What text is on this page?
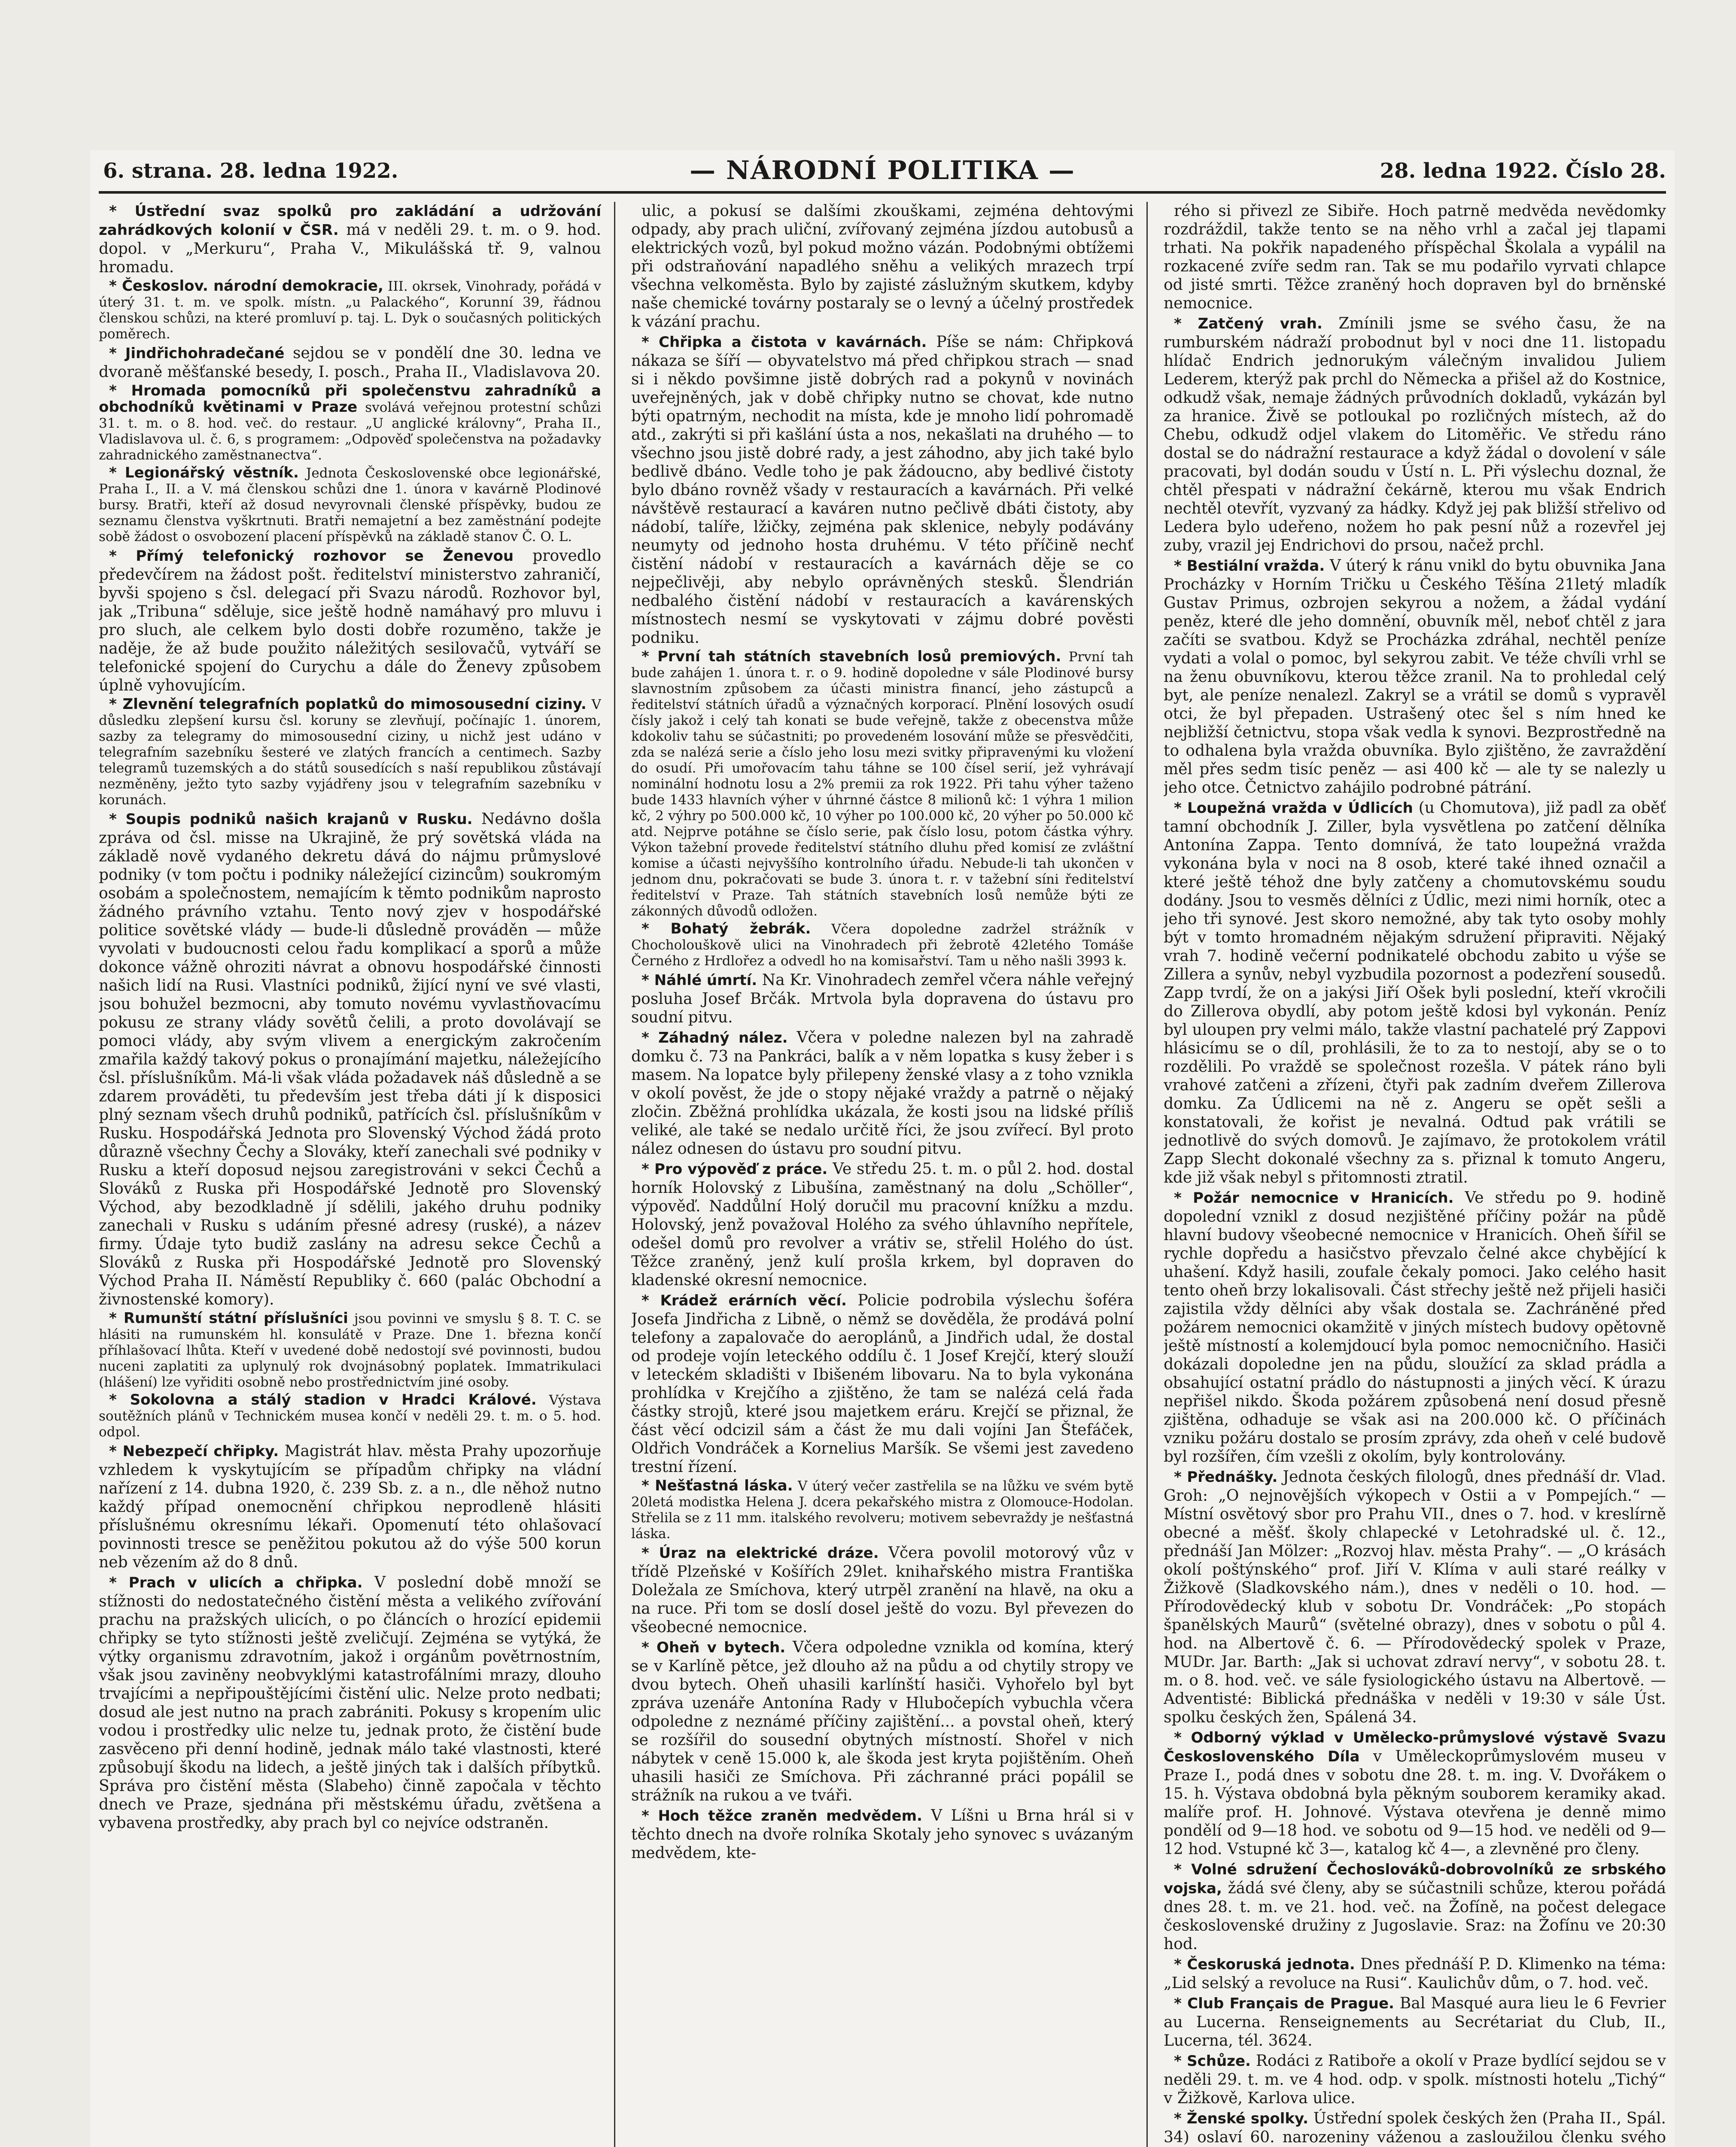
6. strana. 28. ledna 1922.	— NÁRODNÍ POLITIKA —	28. ledna 1922. Číslo 28.

* Ústřední svaz spolků pro zakládání a udržování zahrádkových kolonií v ČSR. má v neděli 29. t. m. o 9. hod. dopol. v „Merkuru“, Praha V., Mikulášská tř. 9, valnou hromadu.

* Českoslov. národní demokracie, III. okrsek, Vinohrady, pořádá v úterý 31. t. m. ve spolk. místn. „u Palackého“, Korunní 39, řádnou členskou schůzi, na které promluví p. taj. L. Dyk o současných politických poměrech.

* Jindřichohradečané sejdou se v pondělí dne 30. ledna ve dvoraně měšťanské besedy, I. posch., Praha II., Vladislavova 20.

* Hromada pomocníků při společenstvu zahradníků a obchodníků květinami v Praze svolává veřejnou protestní schůzi 31. t. m. o 8. hod. več. do restaur. „U anglické královny“, Praha II., Vladislavova ul. č. 6, s programem: „Odpověď společenstva na požadavky zahradnického zaměstnanectva“.

* Legionářský věstník. Jednota Československé obce legionářské, Praha I., II. a V. má členskou schůzi dne 1. února v kavárně Plodinové bursy. Bratři, kteří až dosud nevyrovnali členské příspěvky, budou ze seznamu členstva vyškrtnuti. Bratři nemajetní a bez zaměstnání podejte sobě žádost o osvobození placení příspěvků na základě stanov Č. O. L.

* Přímý telefonický rozhovor se Ženevou provedlo předevčírem na žádost pošt. ředitelství ministerstvo zahraničí, byvši spojeno s čsl. delegací při Svazu národů. Rozhovor byl, jak „Tribuna“ sděluje, sice ještě hodně namáhavý pro mluvu i pro sluch, ale celkem bylo dosti dobře rozuměno, takže je naděje, že až bude použito náležitých sesilovačů, vytváří se telefonické spojení do Curychu a dále do Ženevy způsobem úplně vyhovujícím.

* Zlevnění telegrafních poplatků do mimosousední ciziny. V důsledku zlepšení kursu čsl. koruny se zlevňují, počínajíc 1. únorem, sazby za telegramy do mimosousední ciziny, u nichž jest udáno v telegrafním sazebníku šesteré ve zlatých francích a centimech. Sazby telegramů tuzemských a do států sousedících s naší republikou zůstávají nezměněny, ježto tyto sazby vyjádřeny jsou v telegrafním sazebníku v korunách.

* Soupis podniků našich krajanů v Rusku. Nedávno došla zpráva od čsl. misse na Ukrajině, že prý sovětská vláda na základě nově vydaného dekretu dává do nájmu průmyslové podniky (v tom počtu i podniky náležející cizincům) soukromým osobám a společnostem, nemajícím k těmto podnikům naprosto žádného právního vztahu. Tento nový zjev v hospodářské politice sovětské vlády — bude-li důsledně prováděn — může vyvolati v budoucnosti celou řadu komplikací a sporů a může dokonce vážně ohroziti návrat a obnovu hospodářské činnosti našich lidí na Rusi. Vlastníci podniků, žijící nyní ve své vlasti, jsou bohužel bezmocni, aby tomuto novému vyvlastňovacímu pokusu ze strany vlády sovětů čelili, a proto dovolávají se pomoci vlády, aby svým vlivem a energickým zakročením zmařila každý takový pokus o pronajímání majetku, náležejícího čsl. příslušníkům. Má-li však vláda požadavek náš důsledně a se zdarem prováděti, tu především jest třeba dáti jí k disposici plný seznam všech druhů podniků, patřících čsl. příslušníkům v Rusku. Hospodářská Jednota pro Slovenský Východ žádá proto důrazně všechny Čechy a Slováky, kteří zanechali své podniky v Rusku a kteří doposud nejsou zaregistrováni v sekci Čechů a Slováků z Ruska při Hospodářské Jednotě pro Slovenský Východ, aby bezodkladně jí sdělili, jakého druhu podniky zanechali v Rusku s udáním přesné adresy (ruské), a název firmy. Údaje tyto budiž zaslány na adresu sekce Čechů a Slováků z Ruska při Hospodářské Jednotě pro Slovenský Východ Praha II. Náměstí Republiky č. 660 (palác Obchodní a živnostenské komory).

* Rumunští státní příslušníci jsou povinni ve smyslu § 8. T. C. se hlásiti na rumunském hl. konsulátě v Praze. Dne 1. března končí příhlašovací lhůta. Kteří v uvedené době nedostojí své povinnosti, budou nuceni zaplatiti za uplynulý rok dvojnásobný poplatek. Immatrikulaci (hlášení) lze vyřiditi osobně nebo prostřednictvím jiné osoby.

* Sokolovna a stálý stadion v Hradci Králové. Výstava soutěžních plánů v Technickém musea končí v neděli 29. t. m. o 5. hod. odpol.

* Nebezpečí chřipky. Magistrát hlav. města Prahy upozorňuje vzhledem k vyskytujícím se případům chřipky na vládní nařízení z 14. dubna 1920, č. 239 Sb. z. a n., dle něhož nutno každý případ onemocnění chřipkou neprodleně hlásiti příslušnému okresnímu lékaři. Opomenutí této ohlašovací povinnosti tresce se peněžitou pokutou až do výše 500 korun neb vězením až do 8 dnů.

* Prach v ulicích a chřipka. V poslední době množí se stížnosti do nedostatečného čistění města a velikého zvířování prachu na pražských ulicích, o po článcích o hrozící epidemii chřipky se tyto stížnosti ještě zveličují. Zejména se vytýká, že výtky organismu zdravotním, jakož i orgánům povětrnostním, však jsou zaviněny neobvyklými katastrofálními mrazy, dlouho trvajícími a nepřipouštějícími čistění ulic. Nelze proto nedbati; dosud ale jest nutno na prach zabrániti. Pokusy s kropením ulic vodou i prostředky ulic nelze tu, jednak proto, že čistění bude zasvěceno při denní hodině, jednak málo také vlastnosti, které způsobují škodu na lidech, a ještě jiných tak i dalších příbytků. Správa pro čistění města (Slabeho) činně započala v těchto dnech ve Praze, sjednána při městskému úřadu, zvětšena a vybavena prostředky, aby prach byl co nejvíce odstraněn.

ulic, a pokusí se dalšími zkouškami, zejména dehtovými odpady, aby prach uliční, zvířovaný zejména jízdou autobusů a elektrických vozů, byl pokud možno vázán. Podobnými obtížemi při odstraňování napadlého sněhu a velikých mrazech trpí všechna velkoměsta. Bylo by zajisté záslužným skutkem, kdyby naše chemické továrny postaraly se o levný a účelný prostředek k vázání prachu.

* Chřipka a čistota v kavárnách. Píše se nám: Chřipková nákaza se šíří — obyvatelstvo má před chřipkou strach — snad si i někdo povšimne jistě dobrých rad a pokynů v novinách uveřejněných, jak v době chřipky nutno se chovat, kde nutno býti opatrným, nechodit na místa, kde je mnoho lidí pohromadě atd., zakrýti si při kašlání ústa a nos, nekašlati na druhého — to všechno jsou jistě dobré rady, a jest záhodno, aby jich také bylo bedlivě dbáno. Vedle toho je pak žádoucno, aby bedlivé čistoty bylo dbáno rovněž všady v restauracích a kavárnách. Při velké návštěvě restaurací a kaváren nutno pečlivě dbáti čistoty, aby nádobí, talíře, lžičky, zejména pak sklenice, nebyly podávány neumyty od jednoho hosta druhému. V této příčině nechť čistění nádobí v restauracích a kavárnách děje se co nejpečlivěji, aby nebylo oprávněných stesků. Šlendrián nedbalého čistění nádobí v restauracích a kavárenských místnostech nesmí se vyskytovati v zájmu dobré pověsti podniku.

* První tah státních stavebních losů premiových. První tah bude zahájen 1. února t. r. o 9. hodině dopoledne v sále Plodinové bursy slavnostním způsobem za účasti ministra financí, jeho zástupců a ředitelství státních úřadů a význačných korporací. Plnění losových osudí čísly jakož i celý tah konati se bude veřejně, takže z obecenstva může kdokoliv tahu se súčastniti; po provedeném losování může se přesvědčiti, zda se nalézá serie a číslo jeho losu mezi svitky připravenými ku vložení do osudí. Při umořovacím tahu táhne se 100 čísel serií, jež vyhrávají nominální hodnotu losu a 2% premii za rok 1922. Při tahu výher taženo bude 1433 hlavních výher v úhrnné částce 8 milionů kč: 1 výhra 1 milion kč, 2 výhry po 500.000 kč, 10 výher po 100.000 kč, 20 výher po 50.000 kč atd. Nejprve potáhne se číslo serie, pak číslo losu, potom částka výhry. Výkon tažební provede ředitelství státního dluhu před komisí ze zvláštní komise a účasti nejvyššího kontrolního úřadu. Nebude-li tah ukončen v jednom dnu, pokračovati se bude 3. února t. r. v tažební síni ředitelství ředitelství v Praze. Tah státních stavebních losů nemůže býti ze zákonných důvodů odložen.

* Bohatý žebrák. Včera dopoledne zadržel strážník v Chocholouškově ulici na Vinohradech při žebrotě 42letého Tomáše Černého z Hrdlořez a odvedl ho na komisařství. Tam u něho našli 3993 k.

* Náhlé úmrtí. Na Kr. Vinohradech zemřel včera náhle veřejný posluha Josef Brčák. Mrtvola byla dopravena do ústavu pro soudní pitvu.

* Záhadný nález. Včera v poledne nalezen byl na zahradě domku č. 73 na Pankráci, balík a v něm lopatka s kusy žeber i s masem. Na lopatce byly přilepeny ženské vlasy a z toho vznikla v okolí pověst, že jde o stopy nějaké vraždy a patrně o nějaký zločin. Zběžná prohlídka ukázala, že kosti jsou na lidské příliš veliké, ale také se nedalo určitě říci, že jsou zvířecí. Byl proto nález odnesen do ústavu pro soudní pitvu.

* Pro výpověď z práce. Ve středu 25. t. m. o půl 2. hod. dostal horník Holovský z Libušína, zaměstnaný na dolu „Schöller“, výpověď. Naddůlní Holý doručil mu pracovní knížku a mzdu. Holovský, jenž považoval Holého za svého úhlavního nepřítele, odešel domů pro revolver a vrátiv se, střelil Holého do úst. Těžce zraněný, jenž kulí prošla krkem, byl dopraven do kladenské okresní nemocnice.

* Krádež erárních věcí. Policie podrobila výslechu šoféra Josefa Jindřicha z Libně, o němž se dověděla, že prodává polní telefony a zapalovače do aeroplánů, a Jindřich udal, že dostal od prodeje vojín leteckého oddílu č. 1 Josef Krejčí, který slouží v leteckém skladišti v Ibišeném libovaru. Na to byla vykonána prohlídka v Krejčího a zjištěno, že tam se nalézá celá řada částky strojů, které jsou majetkem eráru. Krejčí se přiznal, že část věcí odcizil sám a část že mu dali vojíni Jan Štefáček, Oldřich Vondráček a Kornelius Maršík. Se všemi jest zavedeno trestní řízení.

* Nešťastná láska. V úterý večer zastřelila se na lůžku ve svém bytě 20letá modistka Helena J. dcera pekařského mistra z Olomouce-Hodolan. Střelila se z 11 mm. italského revolveru; motivem sebevraždy je nešťastná láska.

* Úraz na elektrické dráze. Včera povolil motorový vůz v třídě Plzeňské v Košířích 29let. knihařského mistra Františka Doležala ze Smíchova, který utrpěl zranění na hlavě, na oku a na ruce. Při tom se doslí dosel ještě do vozu. Byl převezen do všeobecné nemocnice.

* Oheň v bytech. Včera odpoledne vznikla od komína, který se v Karlíně pětce, jež dlouho až na půdu a od chytily stropy ve dvou bytech. Oheň uhasili karlínští hasiči. Vyhořelo byl byt zpráva uzenáře Antonína Rady v Hlubočepích vybuchla včera odpoledne z neznámé příčiny zajištění... a povstal oheň, který se rozšířil do sousední obytných místností. Shořel v nich nábytek v ceně 15.000 k, ale škoda jest kryta pojištěním. Oheň uhasili hasiči ze Smíchova. Při záchranné práci popálil se strážník na rukou a ve tváři.

* Hoch těžce zraněn medvědem. V Líšni u Brna hrál si v těchto dnech na dvoře rolníka Skotaly jeho synovec s uvázaným medvědem, kte-

rého si přivezl ze Sibiře. Hoch patrně medvěda nevědomky rozdráždil, takže tento se na něho vrhl a začal jej tlapami trhati. Na pokřik napadeného příspěchal Školala a vypálil na rozkacené zvíře sedm ran. Tak se mu podařilo vyrvati chlapce od jisté smrti. Těžce zraněný hoch dopraven byl do brněnské nemocnice.

* Zatčený vrah. Zmínili jsme se svého času, že na rumburském nádraží probodnut byl v noci dne 11. listopadu hlídač Endrich jednorukým válečným invalidou Juliem Lederem, kterýž pak prchl do Německa a přišel až do Kostnice, odkudž však, nemaje žádných průvodních dokladů, vykázán byl za hranice. Živě se potloukal po rozličných místech, až do Chebu, odkudž odjel vlakem do Litoměřic. Ve středu ráno dostal se do nádražní restaurace a když žádal o dovolení v sále pracovati, byl dodán soudu v Ústí n. L. Při výslechu doznal, že chtěl přespati v nádražní čekárně, kterou mu však Endrich nechtěl otevřít, vyzvaný za hádky. Když jej pak bližší střelivo od Ledera bylo udeřeno, nožem ho pak pesní nůž a rozevřel jej zuby, vrazil jej Endrichovi do prsou, načež prchl.

* Bestiální vražda. V úterý k ránu vnikl do bytu obuvnika Jana Procházky v Horním Tričku u Českého Těšína 21letý mladík Gustav Primus, ozbrojen sekyrou a nožem, a žádal vydání peněz, které dle jeho domnění, obuvník měl, neboť chtěl z jara začíti se svatbou. Když se Procházka zdráhal, nechtěl peníze vydati a volal o pomoc, byl sekyrou zabit. Ve téže chvíli vrhl se na ženu obuvníkovu, kterou těžce zranil. Na to prohledal celý byt, ale peníze nenalezl. Zakryl se a vrátil se domů s vypravěl otci, že byl přepaden. Ustrašený otec šel s ním hned ke nejbližší četnictvu, stopa však vedla k synovi. Bezprostředně na to odhalena byla vražda obuvníka. Bylo zjištěno, že zavraždění měl přes sedm tisíc peněz — asi 400 kč — ale ty se nalezly u jeho otce. Četnictvo zahájilo podrobné pátrání.

* Loupežná vražda v Údlicích (u Chomutova), již padl za oběť tamní obchodník J. Ziller, byla vysvětlena po zatčení dělníka Antonína Zappa. Tento domnívá, že tato loupežná vražda vykonána byla v noci na 8 osob, které také ihned označil a které ještě téhož dne byly zatčeny a chomutovskému soudu dodány. Jsou to vesměs dělníci z Údlic, mezi nimi horník, otec a jeho tři synové. Jest skoro nemožné, aby tak tyto osoby mohly být v tomto hromadném nějakým sdružení připraviti. Nějaký vrah 7. hodině večerní podnikatelé obchodu zabito u výše se Zillera a synův, nebyl vyzbudila pozornost a podezření sousedů. Zapp tvrdí, že on a jakýsi Jiří Ošek byli poslední, kteří vkročili do Zillerova obydlí, aby potom ještě kdosi byl vykonán. Peníz byl uloupen pry velmi málo, takže vlastní pachatelé prý Zappovi hlásicímu se o díl, prohlásili, že to za to nestojí, aby se o to rozdělili. Po vraždě se společnost rozešla. V pátek ráno byli vrahové zatčeni a zřízeni, čtyři pak zadním dveřem Zillerova domku. Za Údlicemi na ně z. Angeru se opět sešli a konstatovali, že kořist je nevalná. Odtud pak vrátili se jednotlivě do svých domovů. Je zajímavo, že protokolem vrátil Zapp Slecht dokonalé všechny za s. přiznal k tomuto Angeru, kde již však nebyl s přitomnosti ztratil.

* Požár nemocnice v Hranicích. Ve středu po 9. hodině dopolední vznikl z dosud nezjištěné příčiny požár na půdě hlavní budovy všeobecné nemocnice v Hranicích. Oheň šířil se rychle dopředu a hasičstvo převzalo čelné akce chybějící k uhašení. Když hasili, zoufale čekaly pomoci. Jako celého hasit tento oheň brzy lokalisovali. Část střechy ještě než přijeli hasiči zajistila vždy dělníci aby však dostala se. Zachráněné před požárem nemocnici okamžitě v jiných místech budovy opětovně ještě místností a kolemjdoucí byla pomoc nemocničního. Hasiči dokázali dopoledne jen na půdu, sloužící za sklad prádla a obsahující ostatní prádlo do nástupnosti a jiných věcí. K úrazu nepřišel nikdo. Škoda požárem způsobená není dosud přesně zjištěna, odhaduje se však asi na 200.000 kč. O příčinách vzniku požáru dostalo se prosím zprávy, zda oheň v celé budově byl rozšířen, čím vzešli z okolím, byly kontrolovány.

* Přednášky. Jednota českých filologů, dnes přednáší dr. Vlad. Groh: „O nejnovějších výkopech v Ostii a v Pompejích.“ — Místní osvětový sbor pro Prahu VII., dnes o 7. hod. v kreslírně obecné a měšť. školy chlapecké v Letohradské ul. č. 12., přednáší Jan Mölzer: „Rozvoj hlav. města Prahy“. — „O krásách okolí poštýnského“ prof. Jiří V. Klíma v auli staré reálky v Žižkově (Sladkovského nám.), dnes v neděli o 10. hod. — Přírodovědecký klub v sobotu Dr. Vondráček: „Po stopách španělských Maurů“ (světelné obrazy), dnes v sobotu o půl 4. hod. na Albertově č. 6. — Přírodovědecký spolek v Praze, MUDr. Jar. Barth: „Jak si uchovat zdraví nervy“, v sobotu 28. t. m. o 8. hod. več. ve sále fysiologického ústavu na Albertově. — Adventisté: Biblická přednáška v neděli v 19:30 v sále Úst. spolku českých žen, Spálená 34.

* Odborný výklad v Umělecko-průmyslové výstavě Svazu Československého Díla v Uměleckoprůmyslovém museu v Praze I., podá dnes v sobotu dne 28. t. m. ing. V. Dvořákem o 15. h. Výstava obdobná byla pěkným souborem keramiky akad. malíře prof. H. Johnové. Výstava otevřena je denně mimo pondělí od 9—18 hod. ve sobotu od 9—15 hod. ve neděli od 9—12 hod. Vstupné kč 3—, katalog kč 4—, a zlevněné pro členy.

* Volné sdružení Čechoslováků-dobrovolníků ze srbského vojska, žádá své členy, aby se súčastnili schůze, kterou pořádá dnes 28. t. m. ve 21. hod. več. na Žofíně, na počest delegace československé družiny z Jugoslavie. Sraz: na Žofínu ve 20:30 hod.

* Českoruská jednota. Dnes přednáší P. D. Klimenko na téma: „Lid selský a revoluce na Rusi“. Kaulichův dům, o 7. hod. več.

* Club Français de Prague. Bal Masqué aura lieu le 6 Fevrier au Lucerna. Renseignements au Secrétariat du Club, II., Lucerna, tél. 3624.

* Schůze. Rodáci z Ratiboře a okolí v Praze bydlící sejdou se v neděli 29. t. m. ve 4 hod. odp. v spolk. místnosti hotelu „Tichý“ v Žižkově, Karlova ulice.

* Ženské spolky. Ústřední spolek českých žen (Praha II., Spál. 34) oslaví 60. narozeniny váženou a zasloužilou členku svého
